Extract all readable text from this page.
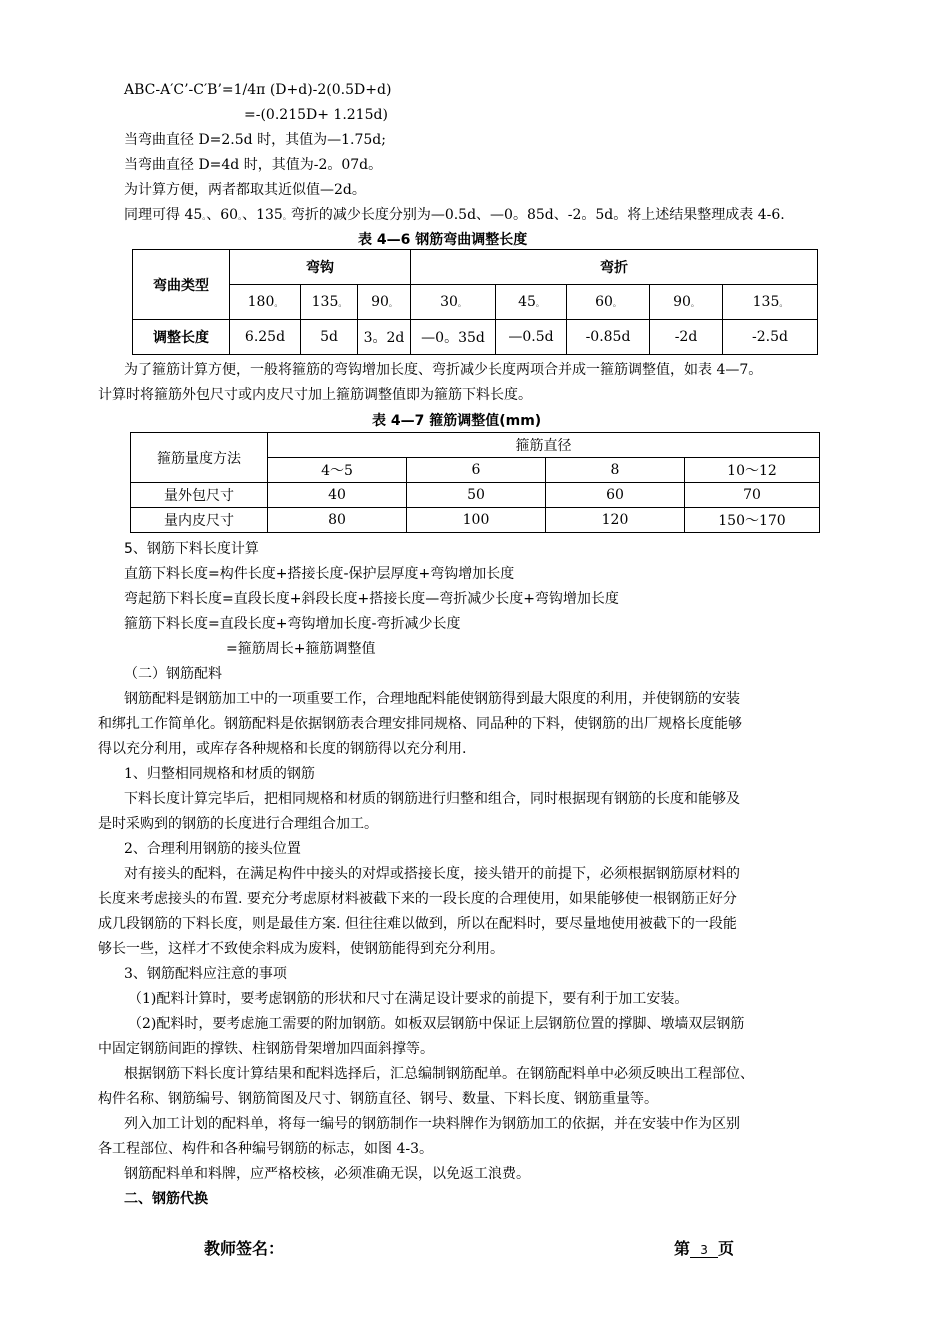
ABC-A′C’-C′B’=1/4π (D+d)-2(0.5D+d)
=-(0.215D+ 1.215d)
当弯曲直径 D=2.5d 时，其值为—1.75d;
当弯曲直径 D=4d 时，其值为-2。07d。
为计算方便，两者都取其近似值—2d。
同理可得 45。、60。、135。弯折的减少长度分别为—0.5d、—0。85d、-2。5d。将上述结果整理成表 4-6.
表 4—6 钢筋弯曲调整长度
弯曲类型	弯钩			弯折				
	180。	135。	90。	30。	45。	60。	90。	135。
调整长度	6.25d	5d	3。2d	—0。35d	—0.5d	-0.85d	-2d	-2.5d
为了箍筋计算方便，一般将箍筋的弯钩增加长度、弯折减少长度两项合并成一箍筋调整值，如表 4—7。
计算时将箍筋外包尺寸或内皮尺寸加上箍筋调整值即为箍筋下料长度。
表 4—7 箍筋调整值(mm)
箍筋量度方法	箍筋直径			
	4～5	6	8	10～12
量外包尺寸	40	50	60	70
量内皮尺寸	80	100	120	150～170
5、钢筋下料长度计算
直筋下料长度=构件长度+搭接长度-保护层厚度+弯钩增加长度
弯起筋下料长度=直段长度+斜段长度+搭接长度—弯折减少长度+弯钩增加长度
箍筋下料长度=直段长度+弯钩增加长度-弯折减少长度
=箍筋周长+箍筋调整值
（二）钢筋配料
钢筋配料是钢筋加工中的一项重要工作，合理地配料能使钢筋得到最大限度的利用，并使钢筋的安装
和绑扎工作简单化。钢筋配料是依据钢筋表合理安排同规格、同品种的下料，使钢筋的出厂规格长度能够
得以充分利用，或库存各种规格和长度的钢筋得以充分利用.
1、归整相同规格和材质的钢筋
下料长度计算完毕后，把相同规格和材质的钢筋进行归整和组合，同时根据现有钢筋的长度和能够及
是时采购到的钢筋的长度进行合理组合加工。
2、合理利用钢筋的接头位置
对有接头的配料，在满足构件中接头的对焊或搭接长度，接头错开的前提下，必须根据钢筋原材料的
长度来考虑接头的布置. 要充分考虑原材料被截下来的一段长度的合理使用，如果能够使一根钢筋正好分
成几段钢筋的下料长度，则是最佳方案. 但往往难以做到，所以在配料时，要尽量地使用被截下的一段能
够长一些，这样才不致使余料成为废料，使钢筋能得到充分利用。
3、钢筋配料应注意的事项
（1)配料计算时，要考虑钢筋的形状和尺寸在满足设计要求的前提下，要有利于加工安装。
（2)配料时，要考虑施工需要的附加钢筋。如板双层钢筋中保证上层钢筋位置的撑脚、墩墙双层钢筋
中固定钢筋间距的撑铁、柱钢筋骨架增加四面斜撑等。
根据钢筋下料长度计算结果和配料选择后，汇总编制钢筋配单。在钢筋配料单中必须反映出工程部位、
构件名称、钢筋编号、钢筋简图及尺寸、钢筋直径、钢号、数量、下料长度、钢筋重量等。
列入加工计划的配料单，将每一编号的钢筋制作一块料牌作为钢筋加工的依据，并在安装中作为区别
各工程部位、构件和各种编号钢筋的标志，如图 4-3。
钢筋配料单和料牌，应严格校核，必须准确无误，以免返工浪费。
二、钢筋代换
教师签名：	第 3 页
